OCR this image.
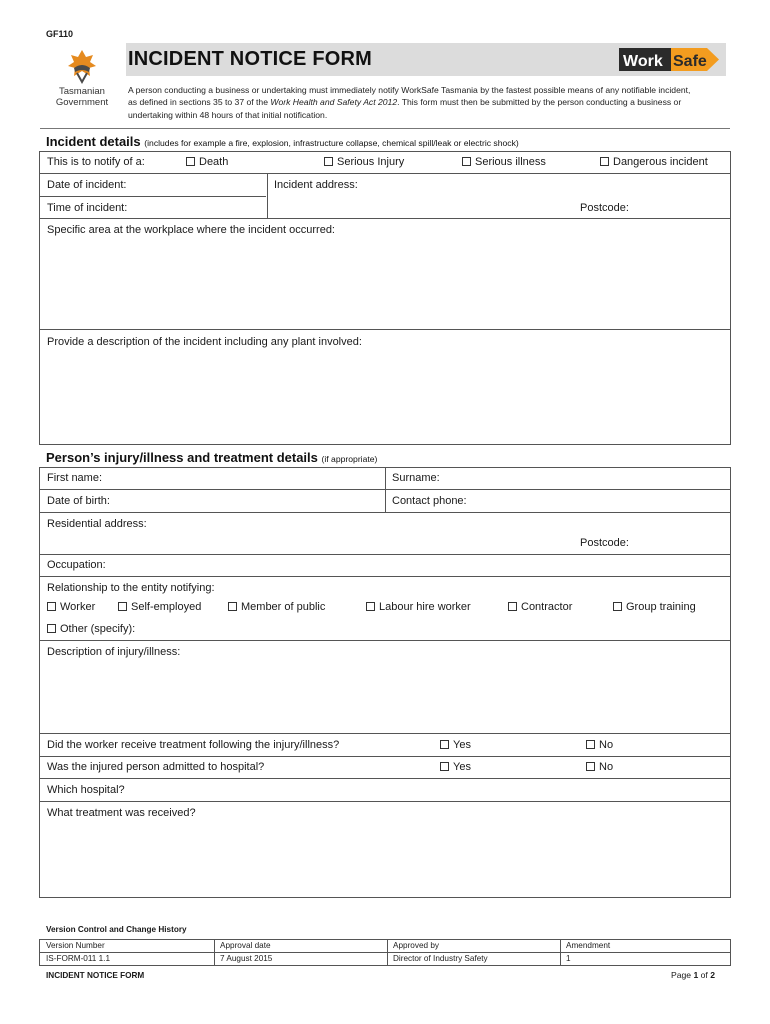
GF110
Tasmanian
Government
INCIDENT NOTICE FORM	Work Safe
A person conducting a business or undertaking must immediately notify WorkSafe Tasmania by the fastest possible means of any notifiable incident, as defined in sections 35 to 37 of the Work Health and Safety Act 2012. This form must then be submitted by the person conducting a business or undertaking within 48 hours of that initial notification.
Incident details (includes for example a fire, explosion, infrastructure collapse, chemical spill/leak or electric shock)
This is to notify of a:	Death	Serious Injury	Serious illness	Dangerous incident
Date of incident:	Incident address:
Time of incident:	Postcode:
Specific area at the workplace where the incident occurred:
Provide a description of the incident including any plant involved:
Person’s injury/illness and treatment details (if appropriate)
First name:	Surname:
Date of birth:	Contact phone:
Residential address:
Postcode:
Occupation:
Relationship to the entity notifying:
Worker	Self-employed	Member of public	Labour hire worker	Contractor	Group training
Other (specify):
Description of injury/illness:
Did the worker receive treatment following the injury/illness?	Yes	No
Was the injured person admitted to hospital?	Yes	No
Which hospital?
What treatment was received?
Version Control and Change History
Version Number	Approval date	Approved by	Amendment
IS-FORM-011 1.1	7 August 2015	Director of Industry Safety	1
INCIDENT NOTICE FORM	Page 1 of 2
